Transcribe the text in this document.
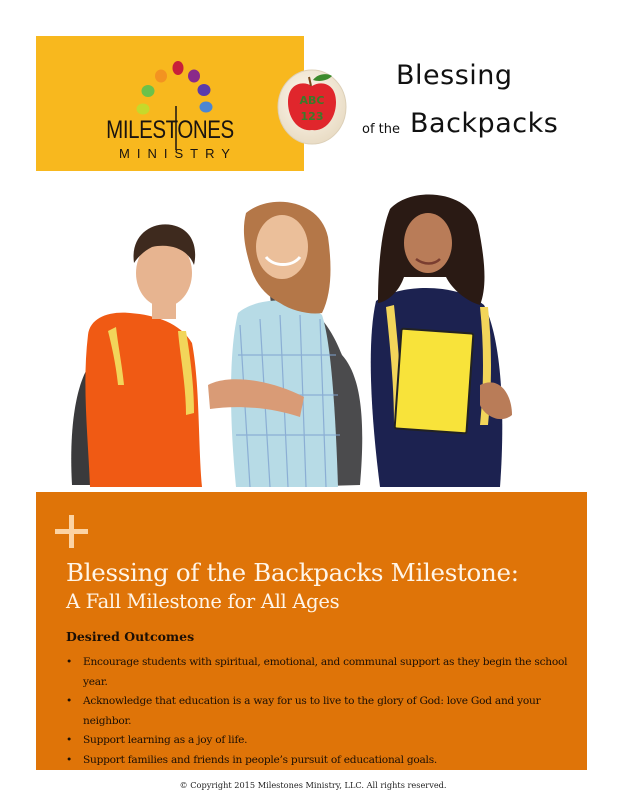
MILESTONES
MINISTRY
ABC
123
Blessing
of the Backpacks
Blessing of the Backpacks Milestone:
A Fall Milestone for All Ages
Desired Outcomes
• Encourage students with spiritual, emotional, and communal support as they begin the school year.
• Acknowledge that education is a way for us to live to the glory of God: love God and your neighbor.
• Support learning as a joy of life.
• Support families and friends in people’s pursuit of educational goals.
© Copyright 2015 Milestones Ministry, LLC. All rights reserved.
